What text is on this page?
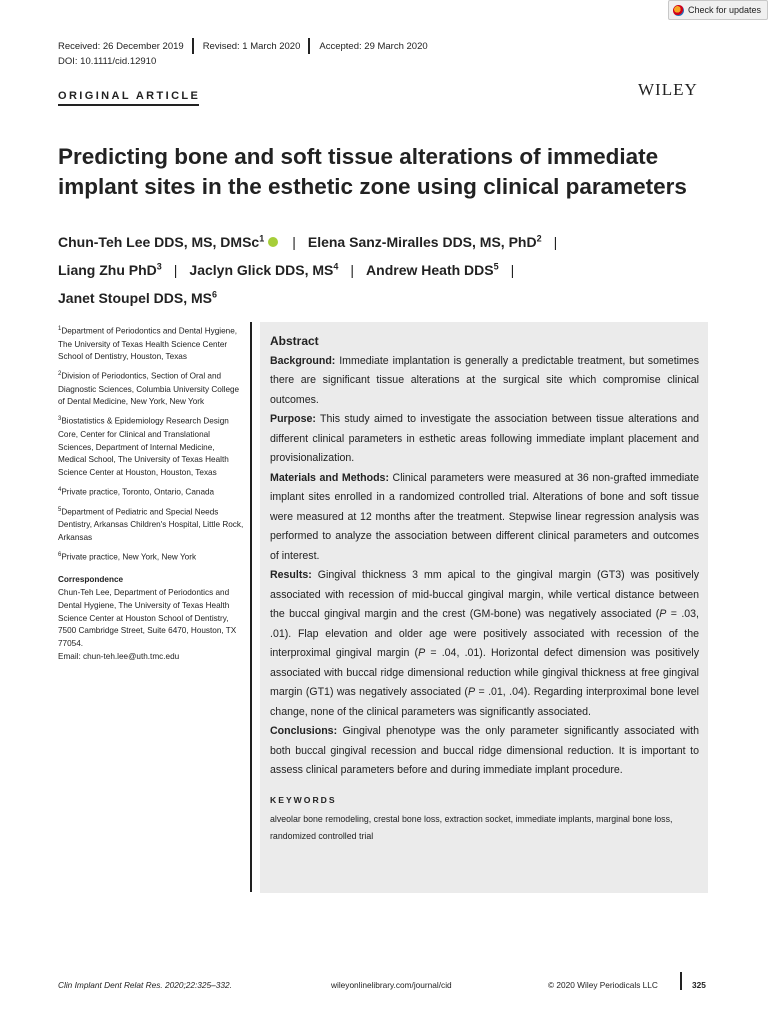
Check for updates
Received: 26 December 2019 Revised: 1 March 2020 Accepted: 29 March 2020
DOI: 10.1111/cid.12910
ORIGINAL ARTICLE	WILEY
Predicting bone and soft tissue alterations of immediate implant sites in the esthetic zone using clinical parameters
Chun-Teh Lee DDS, MS, DMSc$^1$ | Elena Sanz-Miralles DDS, MS, PhD$^2$ |
Liang Zhu PhD$^3$ | Jaclyn Glick DDS, $MS^4$ | Andrew Heath DDS$^5$ |
Janet Stoupel DDS, $MS^6$
$^1$Department of Periodontics and Dental Hygiene, The University of Texas Health Science Center School of Dentistry, Houston, Texas
$^2$Division of Periodontics, Section of Oral and Diagnostic Sciences, Columbia University College of Dental Medicine, New York, New York
$^3$Biostatistics & Epidemiology Research Design Core, Center for Clinical and Translational Sciences, Department of Internal Medicine, Medical School, The University of Texas Health Science Center at Houston, Houston, Texas
$^4$Private practice, Toronto, Ontario, Canada
$^5$Department of Pediatric and Special Needs Dentistry, Arkansas Children's Hospital, Little Rock, Arkansas
$^6$Private practice, New York, New York
Correspondence
Chun-Teh Lee, Department of Periodontics and Dental Hygiene, The University of Texas Health Science Center at Houston School of Dentistry, 7500 Cambridge Street, Suite 6470, Houston, TX 77054.
Email: chun-teh.lee@uth.tmc.edu
Abstract
Background: Immediate implantation is generally a predictable treatment, but sometimes there are significant tissue alterations at the surgical site which compromise clinical outcomes.
Purpose: This study aimed to investigate the association between tissue alterations and different clinical parameters in esthetic areas following immediate implant placement and provisionalization.
Materials and Methods: Clinical parameters were measured at 36 non-grafted immediate implant sites enrolled in a randomized controlled trial. Alterations of bone and soft tissue were measured at 12 months after the treatment. Stepwise linear regression analysis was performed to analyze the association between different clinical parameters and outcomes of interest.
Results: Gingival thickness 3 mm apical to the gingival margin (GT3) was positively associated with recession of mid-buccal gingival margin, while vertical distance between the buccal gingival margin and the crest (GM-bone) was negatively associated (P = .03, .01). Flap elevation and older age were positively associated with recession of the interproximal gingival margin (P = .04, .01). Horizontal defect dimension was positively associated with buccal ridge dimensional reduction while gingival thickness at free gingival margin (GT1) was negatively associated (P = .01, .04). Regarding interproximal bone level change, none of the clinical parameters was significantly associated.
Conclusions: Gingival phenotype was the only parameter significantly associated with both buccal gingival recession and buccal ridge dimensional reduction. It is important to assess clinical parameters before and during immediate implant procedure.
KEYWORDS
alveolar bone remodeling, crestal bone loss, extraction socket, immediate implants, marginal bone loss, randomized controlled trial
Clin Implant Dent Relat Res. 2020;22:325–332.	wileyonlinelibrary.com/journal/cid	© 2020 Wiley Periodicals LLC	325
